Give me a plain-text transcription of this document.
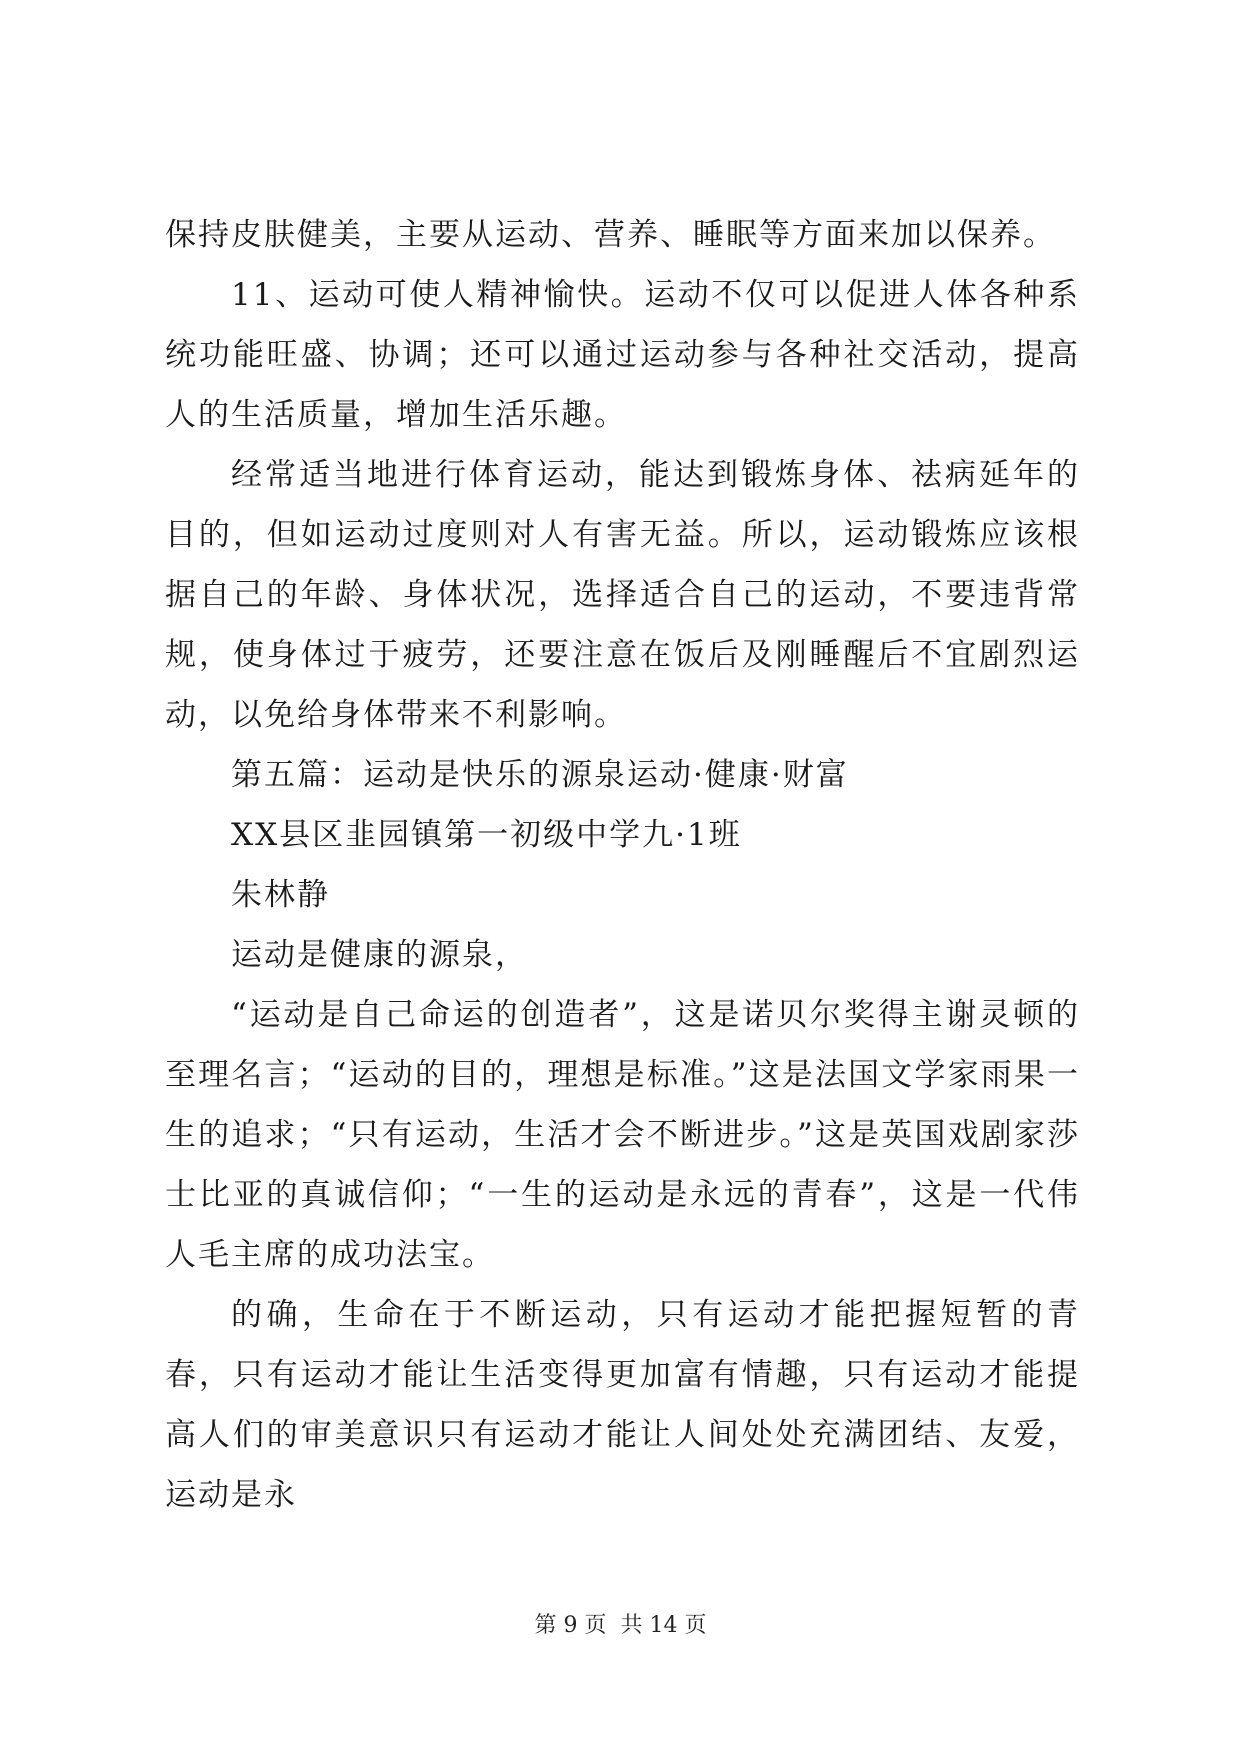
保持皮肤健美，主要从运动、营养、睡眠等方面来加以保养。

11、运动可使人精神愉快。运动不仅可以促进人体各种系统功能旺盛、协调；还可以通过运动参与各种社交活动，提高人的生活质量，增加生活乐趣。

经常适当地进行体育运动，能达到锻炼身体、祛病延年的目的，但如运动过度则对人有害无益。所以，运动锻炼应该根据自己的年龄、身体状况，选择适合自己的运动，不要违背常规，使身体过于疲劳，还要注意在饭后及刚睡醒后不宜剧烈运动，以免给身体带来不利影响。

第五篇：运动是快乐的源泉运动·健康·财富

XX县区韭园镇第一初级中学九·1班

朱林静

运动是健康的源泉，

“运动是自己命运的创造者”，这是诺贝尔奖得主谢灵顿的至理名言；“运动的目的，理想是标准。”这是法国文学家雨果一生的追求；“只有运动，生活才会不断进步。”这是英国戏剧家莎士比亚的真诚信仰；“一生的运动是永远的青春”，这是一代伟人毛主席的成功法宝。

的确，生命在于不断运动，只有运动才能把握短暂的青春，只有运动才能让生活变得更加富有情趣，只有运动才能提高人们的审美意识只有运动才能让人间处处充满团结、友爱，运动是永

第 9 页  共 14 页
